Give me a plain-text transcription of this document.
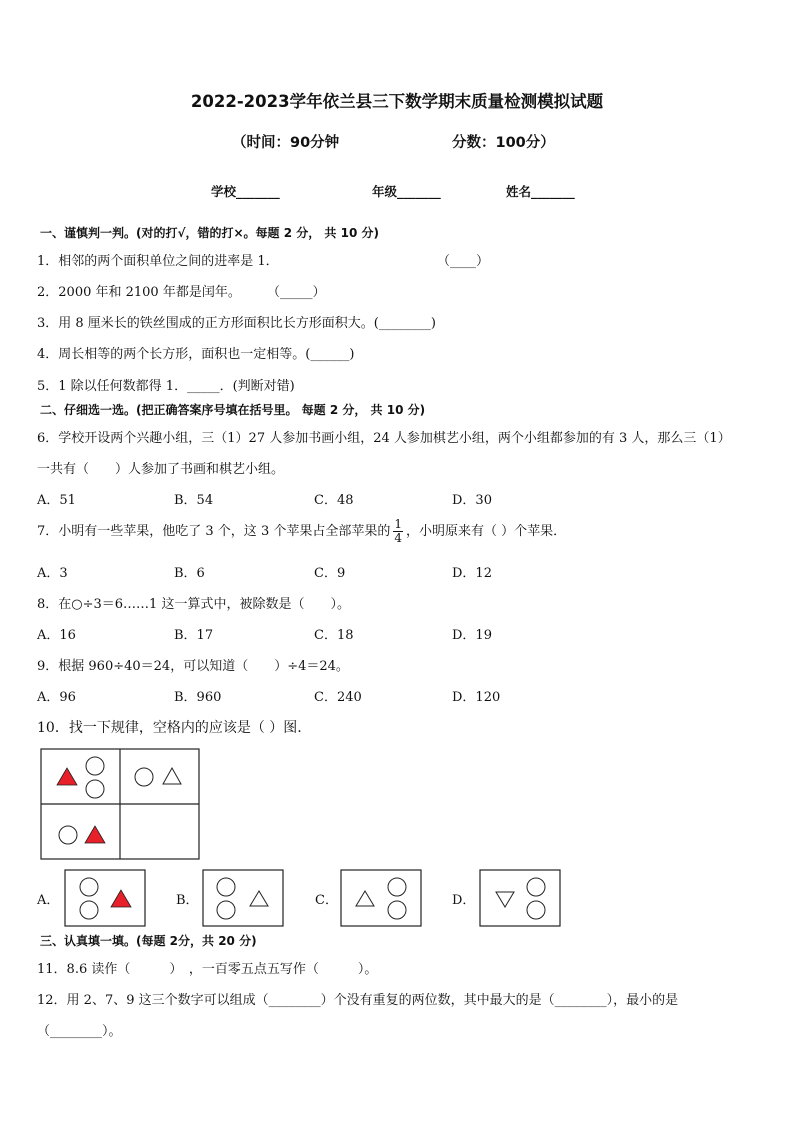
2022-2023学年依兰县三下数学期末质量检测模拟试题
（时间：90分钟	分数：100分）
学校_______	年级_______	姓名_______
一、谨慎判一判。(对的打√，错的打×。每题 2 分， 共 10 分)
1．相邻的两个面积单位之间的进率是 1．	（____）
2．2000 年和 2100 年都是闰年。 （_____）
3．用 8 厘米长的铁丝围成的正方形面积比长方形面积大。(________)
4．周长相等的两个长方形，面积也一定相等。(______)
5．1 除以任何数都得 1．_____．(判断对错)
二、仔细选一选。(把正确答案序号填在括号里。 每题 2 分， 共 10 分)
6．学校开设两个兴趣小组，三（1）27 人参加书画小组，24 人参加棋艺小组，两个小组都参加的有 3 人，那么三（1）
一共有（　　）人参加了书画和棋艺小组。
A．51	B．54	C．48	D．30
7．小明有一些苹果，他吃了 3 个，这 3 个苹果占全部苹果的 $\frac{1}{4}$ ，小明原来有（ ）个苹果．
A．3	B．6	C．9	D．12
8．在○÷3＝6……1 这一算式中，被除数是（　　）。
A．16	B．17	C．18	D．19
9．根据 960÷40＝24，可以知道（　　）÷4＝24。
A．96	B．960	C．240	D．120
10．找一下规律，空格内的应该是（ ）图.
A．	B．	C．	D．
三、认真填一填。(每题 2分，共 20 分)
11．8.6 读作（　　　）　，一百零五点五写作（　　　）。
12．用 2、7、9 这三个数字可以组成（________）个没有重复的两位数，其中最大的是（________），最小的是
（________）。
